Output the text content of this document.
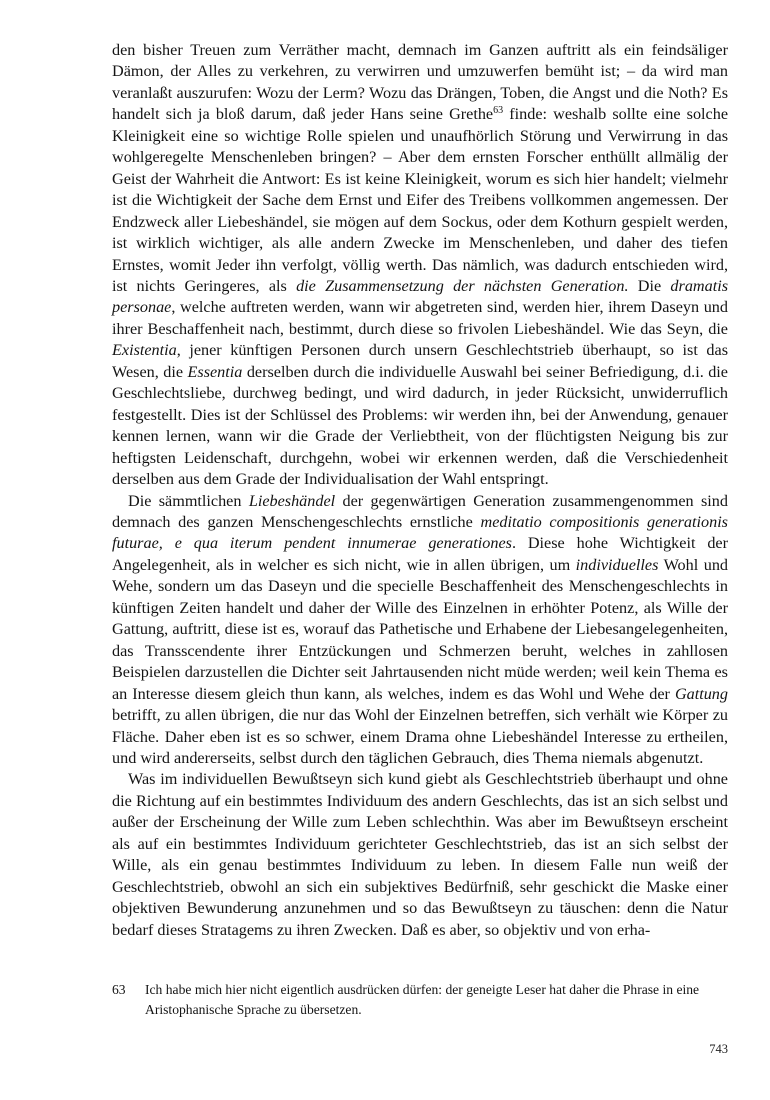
den bisher Treuen zum Verräther macht, demnach im Ganzen auftritt als ein feindsäliger Dämon, der Alles zu verkehren, zu verwirren und umzuwerfen bemüht ist; – da wird man veranlaßt auszurufen: Wozu der Lerm? Wozu das Drängen, Toben, die Angst und die Noth? Es handelt sich ja bloß darum, daß jeder Hans seine Grethe$^{63}$ finde: weshalb sollte eine solche Kleinigkeit eine so wichtige Rolle spielen und unaufhörlich Störung und Verwirrung in das wohlgeregelte Menschenleben bringen? – Aber dem ernsten Forscher enthüllt allmälig der Geist der Wahrheit die Antwort: Es ist keine Kleinigkeit, worum es sich hier handelt; vielmehr ist die Wichtigkeit der Sache dem Ernst und Eifer des Treibens vollkommen angemessen. Der Endzweck aller Liebeshändel, sie mögen auf dem Sockus, oder dem Kothurn gespielt werden, ist wirklich wichtiger, als alle andern Zwecke im Menschenleben, und daher des tiefen Ernstes, womit Jeder ihn verfolgt, völlig werth. Das nämlich, was dadurch entschieden wird, ist nichts Geringeres, als die Zusammensetzung der nächsten Generation. Die dramatis personae, welche auftreten werden, wann wir abgetreten sind, werden hier, ihrem Daseyn und ihrer Beschaffenheit nach, bestimmt, durch diese so frivolen Liebeshändel. Wie das Seyn, die Existentia, jener künftigen Personen durch unsern Geschlechtstrieb überhaupt, so ist das Wesen, die Essentia derselben durch die individuelle Auswahl bei seiner Befriedigung, d.i. die Geschlechtsliebe, durchweg bedingt, und wird dadurch, in jeder Rücksicht, unwiderruflich festgestellt. Dies ist der Schlüssel des Problems: wir werden ihn, bei der Anwendung, genauer kennen lernen, wann wir die Grade der Verliebtheit, von der flüchtigsten Neigung bis zur heftigsten Leidenschaft, durchgehn, wobei wir erkennen werden, daß die Verschiedenheit derselben aus dem Grade der Individualisation der Wahl entspringt.

Die sämmtlichen Liebeshändel der gegenwärtigen Generation zusammengenommen sind demnach des ganzen Menschengeschlechts ernstliche meditatio compositionis generationis futurae, e qua iterum pendent innumerae generationes. Diese hohe Wichtigkeit der Angelegenheit, als in welcher es sich nicht, wie in allen übrigen, um individuelles Wohl und Wehe, sondern um das Daseyn und die specielle Beschaffenheit des Menschengeschlechts in künftigen Zeiten handelt und daher der Wille des Einzelnen in erhöhter Potenz, als Wille der Gattung, auftritt, diese ist es, worauf das Pathetische und Erhabene der Liebesangelegenheiten, das Transscendente ihrer Entzückungen und Schmerzen beruht, welches in zahllosen Beispielen darzustellen die Dichter seit Jahrtausenden nicht müde werden; weil kein Thema es an Interesse diesem gleich thun kann, als welches, indem es das Wohl und Wehe der Gattung betrifft, zu allen übrigen, die nur das Wohl der Einzelnen betreffen, sich verhält wie Körper zu Fläche. Daher eben ist es so schwer, einem Drama ohne Liebeshändel Interesse zu ertheilen, und wird andererseits, selbst durch den täglichen Gebrauch, dies Thema niemals abgenutzt.

Was im individuellen Bewußtseyn sich kund giebt als Geschlechtstrieb überhaupt und ohne die Richtung auf ein bestimmtes Individuum des andern Geschlechts, das ist an sich selbst und außer der Erscheinung der Wille zum Leben schlechthin. Was aber im Bewußtseyn erscheint als auf ein bestimmtes Individuum gerichteter Geschlechtstrieb, das ist an sich selbst der Wille, als ein genau bestimmtes Individuum zu leben. In diesem Falle nun weiß der Geschlechtstrieb, obwohl an sich ein subjektives Bedürfniß, sehr geschickt die Maske einer objektiven Bewunderung anzunehmen und so das Bewußtseyn zu täuschen: denn die Natur bedarf dieses Stratagems zu ihren Zwecken. Daß es aber, so objektiv und von erha-

63	Ich habe mich hier nicht eigentlich ausdrücken dürfen: der geneigte Leser hat daher die Phrase in eine Aristophanische Sprache zu übersetzen.
743
